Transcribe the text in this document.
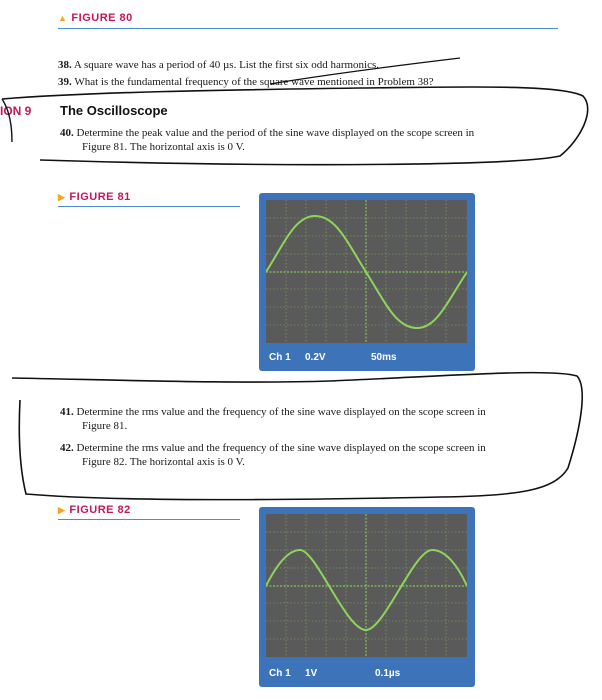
▲ FIGURE 80
38. A square wave has a period of 40 µs. List the first six odd harmonics.
39. What is the fundamental frequency of the square wave mentioned in Problem 38?
ION 9 The Oscilloscope
40. Determine the peak value and the period of the sine wave displayed on the scope screen in
Figure 81. The horizontal axis is 0 V.
▶ FIGURE 81
Ch 1 0.2V	50ms
41. Determine the rms value and the frequency of the sine wave displayed on the scope screen in
Figure 81.
42. Determine the rms value and the frequency of the sine wave displayed on the scope screen in
Figure 82. The horizontal axis is 0 V.
▶ FIGURE 82
Ch 1 1V	0.1µs
